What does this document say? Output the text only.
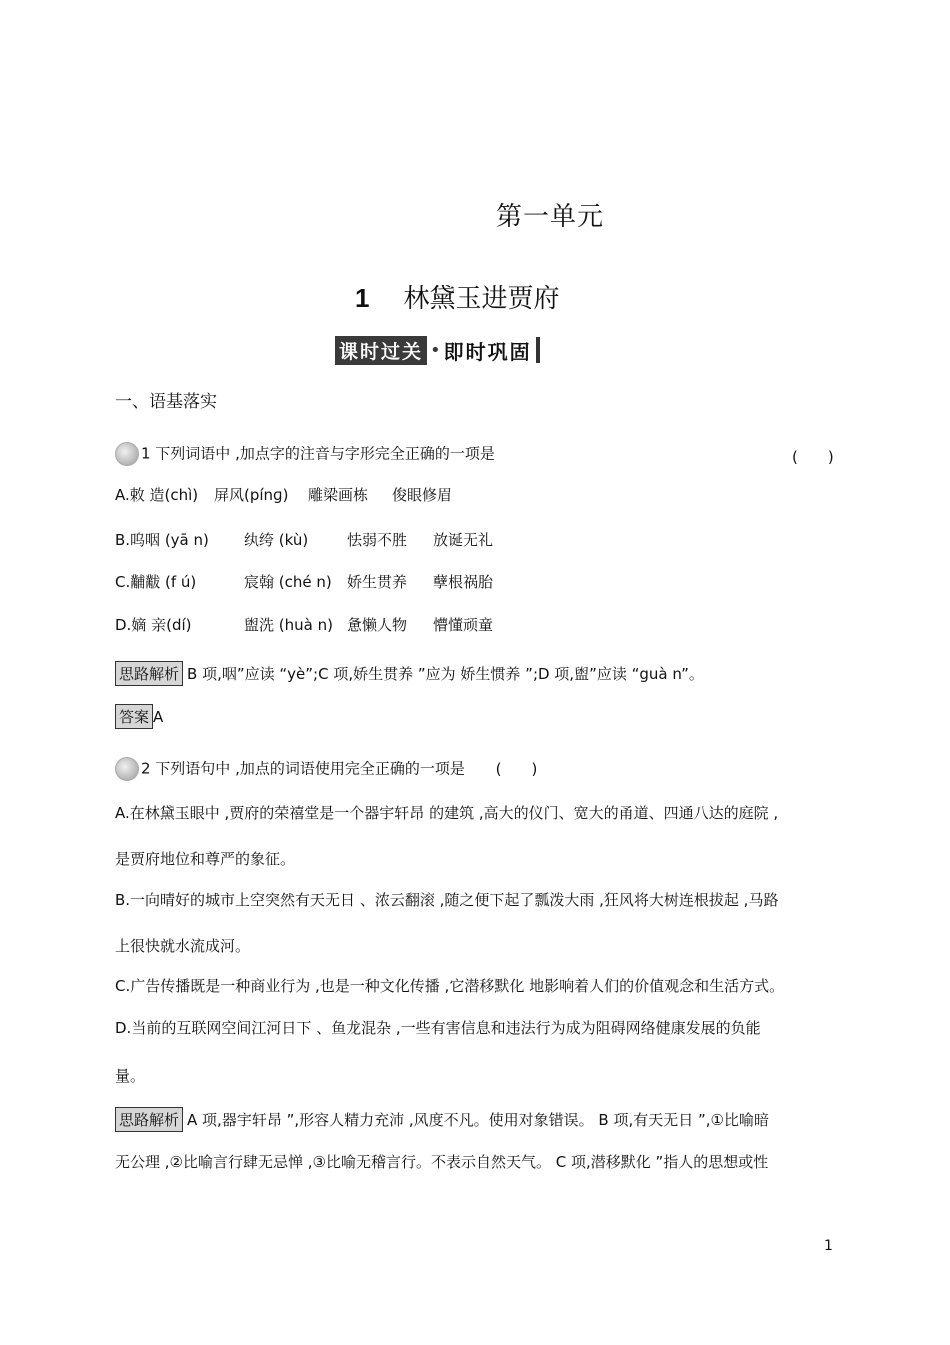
第一单元
1 林黛玉进贾府
课时过关 • 即时巩固
一、语基落实
1 下列词语中 ,加点字的注音与字形完全正确的一项是	(　　)
A.敕 造(chì) 屏风(pínɡ) 雕梁画栋 俊眼修眉
B.呜咽 (yā n) 纨绔 (kù)	怯弱不胜 放诞无礼
C.黼黻 (f ú)	宸翰 (ché n) 娇生贯养 孽根祸胎
D.嫡 亲(dí)	盥洗 (huà n) 惫懒人物 懵懂顽童
思路解析 B 项,咽”应读 “yè”;C 项,娇生贯养 ”应为 娇生惯养 ”;D 项,盥”应读 “guà n”。
答案 A
2 下列语句中 ,加点的词语使用完全正确的一项是 (　　)
A.在林黛玉眼中 ,贾府的荣禧堂是一个器宇轩昂 的建筑 ,高大的仪门、宽大的甬道、四通八达的庭院 ,
是贾府地位和尊严的象征。
B.一向晴好的城市上空突然有天无日 、浓云翻滚 ,随之便下起了瓢泼大雨 ,狂风将大树连根拔起 ,马路
上很快就水流成河。
C.广告传播既是一种商业行为 ,也是一种文化传播 ,它潜移默化 地影响着人们的价值观念和生活方式。
D.当前的互联网空间江河日下 、鱼龙混杂 ,一些有害信息和违法行为成为阻碍网络健康发展的负能
量。
思路解析 A 项,器宇轩昂 ”,形容人精力充沛 ,风度不凡。使用对象错误。 B 项,有天无日 ”,①比喻暗
无公理 ,②比喻言行肆无忌惮 ,③比喻无稽言行。不表示自然天气。 C 项,潜移默化 ”指人的思想或性
1
